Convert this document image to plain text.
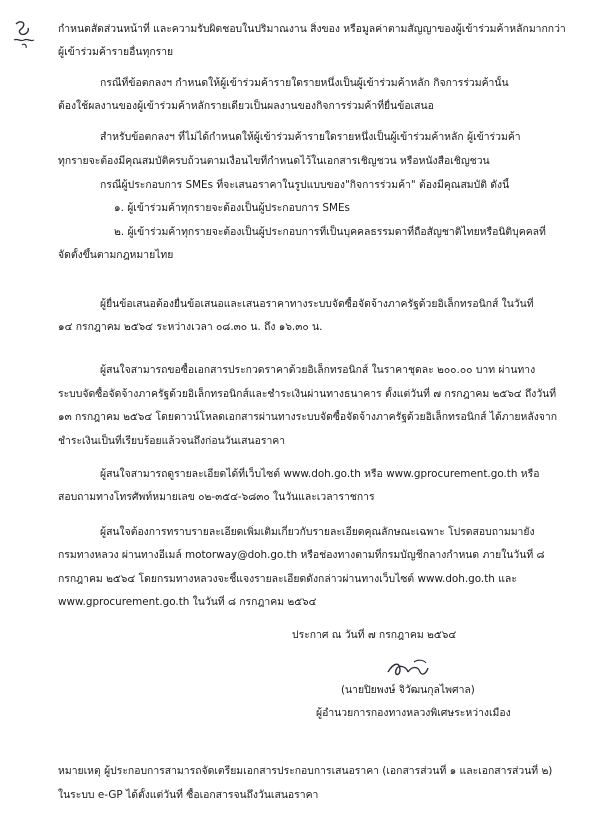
กำหนดสัดส่วนหน้าที่ และความรับผิดชอบในปริมาณงาน สิ่งของ หรือมูลค่าตามสัญญาของผู้เข้าร่วมค้าหลักมากกว่า
ผู้เข้าร่วมค้ารายอื่นทุกราย
กรณีที่ข้อตกลงฯ กำหนดให้ผู้เข้าร่วมค้ารายใดรายหนึ่งเป็นผู้เข้าร่วมค้าหลัก กิจการร่วมค้านั้น
ต้องใช้ผลงานของผู้เข้าร่วมค้าหลักรายเดียวเป็นผลงานของกิจการร่วมค้าที่ยื่นข้อเสนอ
สำหรับข้อตกลงฯ ที่ไม่ได้กำหนดให้ผู้เข้าร่วมค้ารายใดรายหนึ่งเป็นผู้เข้าร่วมค้าหลัก ผู้เข้าร่วมค้า
ทุกรายจะต้องมีคุณสมบัติครบถ้วนตามเงื่อนไขที่กำหนดไว้ในเอกสารเชิญชวน หรือหนังสือเชิญชวน
กรณีผู้ประกอบการ SMEs ที่จะเสนอราคาในรูปแบบของ"กิจการร่วมค้า" ต้องมีคุณสมบัติ ดังนี้
๑. ผู้เข้าร่วมค้าทุกรายจะต้องเป็นผู้ประกอบการ SMEs
๒. ผู้เข้าร่วมค้าทุกรายจะต้องเป็นผู้ประกอบการที่เป็นบุคคลธรรมดาที่ถือสัญชาติไทยหรือนิติบุคคลที่
จัดตั้งขึ้นตามกฎหมายไทย
ผู้ยื่นข้อเสนอต้องยื่นข้อเสนอและเสนอราคาทางระบบจัดซื้อจัดจ้างภาครัฐด้วยอิเล็กทรอนิกส์ ในวันที่
๑๔ กรกฎาคม ๒๕๖๔ ระหว่างเวลา ๐๘.๓๐ น. ถึง ๑๖.๓๐ น.
ผู้สนใจสามารถขอซื้อเอกสารประกวดราคาด้วยอิเล็กทรอนิกส์ ในราคาชุดละ ๒๐๐.๐๐ บาท ผ่านทาง
ระบบจัดซื้อจัดจ้างภาครัฐด้วยอิเล็กทรอนิกส์และชำระเงินผ่านทางธนาคาร ตั้งแต่วันที่ ๗ กรกฎาคม ๒๕๖๔ ถึงวันที่
๑๓ กรกฎาคม ๒๕๖๔ โดยดาวน์โหลดเอกสารผ่านทางระบบจัดซื้อจัดจ้างภาครัฐด้วยอิเล็กทรอนิกส์ ได้ภายหลังจาก
ชำระเงินเป็นที่เรียบร้อยแล้วจนถึงก่อนวันเสนอราคา
ผู้สนใจสามารถดูรายละเอียดได้ที่เว็บไซต์ www.doh.go.th หรือ www.gprocurement.go.th หรือ
สอบถามทางโทรศัพท์หมายเลข ๐๒-๓๕๔-๖๘๓๐ ในวันและเวลาราชการ
ผู้สนใจต้องการทราบรายละเอียดเพิ่มเติมเกี่ยวกับรายละเอียดคุณลักษณะเฉพาะ โปรดสอบถามมายัง
กรมทางหลวง ผ่านทางอีเมล์ motorway@doh.go.th หรือช่องทางตามที่กรมบัญชีกลางกำหนด ภายในวันที่ ๘
กรกฎาคม ๒๕๖๔ โดยกรมทางหลวงจะชี้แจงรายละเอียดดังกล่าวผ่านทางเว็บไซต์ www.doh.go.th และ
www.gprocurement.go.th ในวันที่ ๘ กรกฎาคม ๒๕๖๔
ประกาศ ณ วันที่ ๗ กรกฎาคม ๒๕๖๔
(นายปิยพงษ์ จิวัฒนกุลไพศาล)
ผู้อำนวยการกองทางหลวงพิเศษระหว่างเมือง
หมายเหตุ ผู้ประกอบการสามารถจัดเตรียมเอกสารประกอบการเสนอราคา (เอกสารส่วนที่ ๑ และเอกสารส่วนที่ ๒)
ในระบบ e-GP ได้ตั้งแต่วันที่ ซื้อเอกสารจนถึงวันเสนอราคา
